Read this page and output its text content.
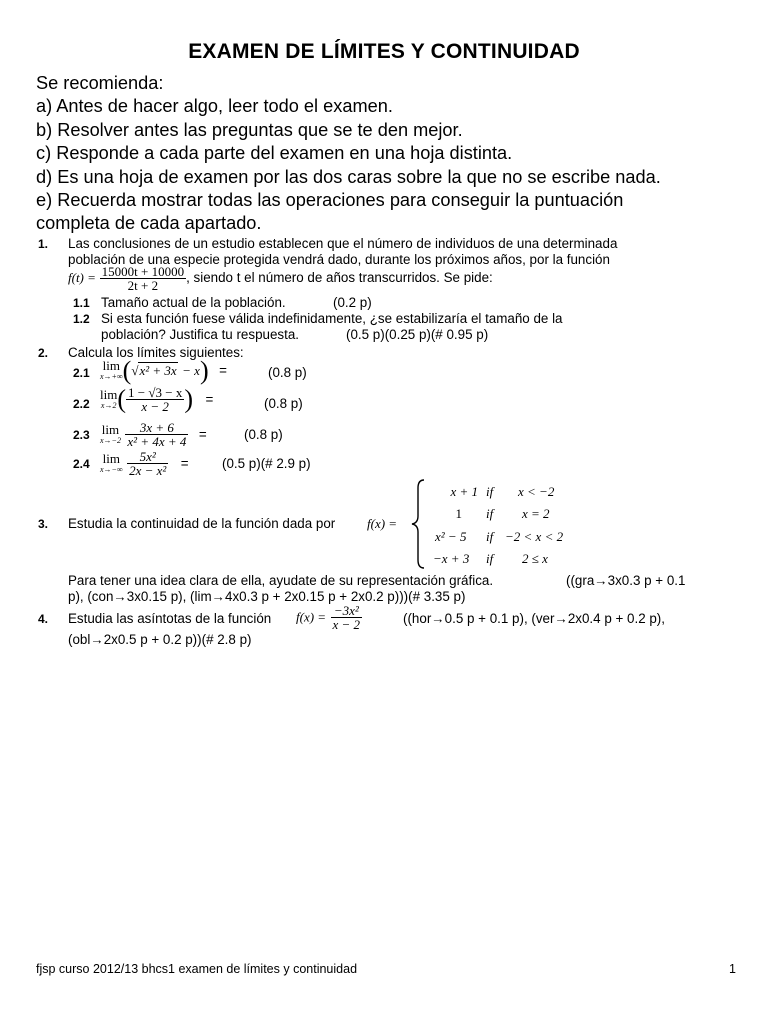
EXAMEN DE LÍMITES Y CONTINUIDAD
Se recomienda:
a) Antes de hacer algo, leer todo el examen.
b) Resolver antes las preguntas que se te den mejor.
c) Responde a cada parte del examen en una hoja distinta.
d) Es una hoja de examen por las dos caras sobre la que no se escribe nada.
e) Recuerda mostrar todas las operaciones para conseguir la puntuación
completa de cada apartado.
1. Las conclusiones de un estudio establecen que el número de individuos de una determinada
población de una especie protegida vendrá dado, durante los próximos años, por la función
$f(t) = \frac{15000t + 10000}{2t + 2}$ , siendo t el número de años transcurridos. Se pide:
1.1 Tamaño actual de la población.	(0.2 p)
1.2 Si esta función fuese válida indefinidamente, ¿se estabilizaría el tamaño de la
población? Justifica tu respuesta.	(0.5 p)(0.25 p)(# 0.95 p)
2. Calcula los límites siguientes:
2.1 lim
x→+∞ (√x² + 3x − x) =	(0.8 p)
2.2
lim
x→2 ( $\frac{1 - √3 - x}{x - 2}$ ) =	(0.8 p)
2.3 lim
x→−2
$\frac{3x + 6}{\text{x² + 4x + 4}}$ =	(0.8 p)
2.4 lim
x→−∞
$\frac{\text{5x²}}{\text{2x − x²}} = (0.5$ p)(# 2.9 p)
3. Estudia la continuidad de la función dada por f(x) =
x + 1 if x < −2
1 if x = 2
x² − 5 if −2 < x < 2
−x + 3 if 2 ≤ x
Para tener una idea clara de ella, ayudate de su representación gráfica.	((gra→3x0.3 p + 0.1
p), (con→3x0.15 p), (lim→4x0.3 p + 2x0.15 p + 2x0.2 p)))(# 3.35 p)
4. Estudia las asíntotas de la función $f(x) = \frac{\text{−3x²}}{x - 2}$	((hor→0.5 p + 0.1 p), (ver→2x0.4 p + 0.2 p),
(obl→2x0.5 p + 0.2 p))(# 2.8 p)
fjsp curso 2012/13 bhcs1 examen de límites y continuidad	1
